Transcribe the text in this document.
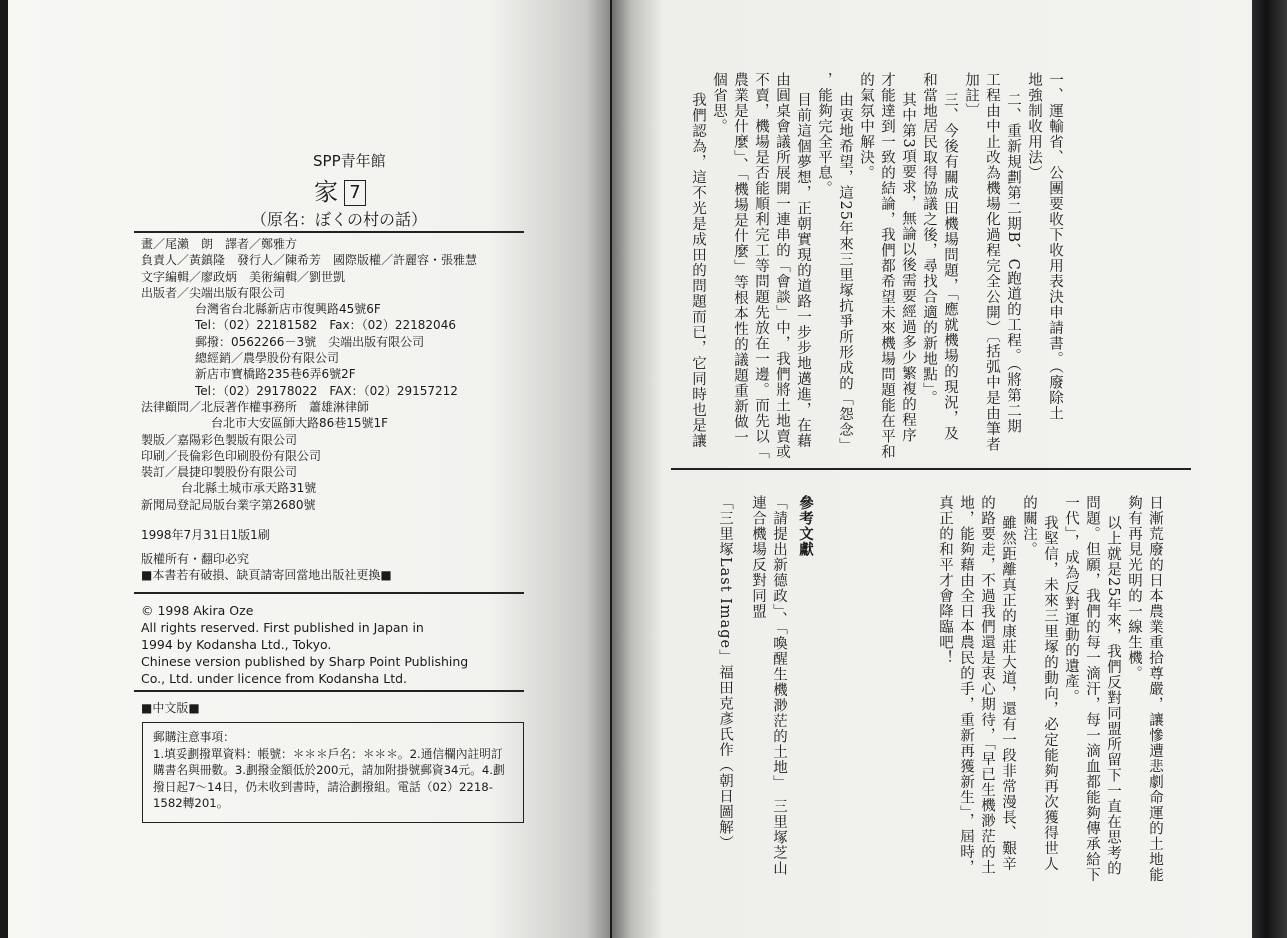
SPP青年館
家 7
（原名：ぼくの村の話）
畫／尾瀨　朗　譯者／鄭雅方
負責人／黃鎮隆　發行人／陳希芳　國際版權／許麗容・張雅慧
文字編輯／廖政炳　美術編輯／劉世凱
出版者／尖端出版有限公司
台灣省台北縣新店市復興路45號6F
Tel：（02）22181582　Fax：（02）22182046
郵撥：0562266－3號　尖端出版有限公司
總經銷／農學股份有限公司
新店市寶橋路235巷6弄6號2F
Tel：（02）29178022　FAX：（02）29157212
法律顧問／北辰著作權事務所　蕭雄淋律師
台北市大安區師大路86巷15號1F
製版／嘉陽彩色製版有限公司
印刷／長倫彩色印刷股份有限公司
裝訂／晨捷印製股份有限公司
台北縣土城市承天路31號
新聞局登記局版台業字第2680號
1998年7月31日1版1刷
版權所有・翻印必究
■本書若有破損、缺頁請寄回當地出版社更換■
© 1998 Akira Oze
All rights reserved. First published in Japan in
1994 by Kodansha Ltd., Tokyo.
Chinese version published by Sharp Point Publishing
Co., Ltd. under licence from Kodansha Ltd.
■中文版■
郵購注意事項：
1.填妥劃撥單資料：帳號：＊＊＊戶名：＊＊＊。2.通信欄內註明訂購書名與冊數。3.劃撥金額低於200元，請加附掛號郵資34元。4.劃撥日起7～14日，仍未收到書時，請洽劃撥組。電話（02）2218-1582轉201。
一、運輸省、公團要收下收用表決申請書。（廢除土
地強制收用法）
二、重新規劃第二期B、C跑道的工程。（將第二期
工程由中止改為機場化過程完全公開）〔括弧中是由筆者
加註〕
三、今後有關成田機場問題，「應就機場的現況，及
和當地居民取得協議之後，尋找合適的新地點」。
其中第3項要求，無論以後需要經過多少繁複的程序
才能達到一致的結論，我們都希望未來機場問題能在平和
的氣氛中解決。
由衷地希望，這25年來三里塚抗爭所形成的「怨念」
，能夠完全平息。
目前這個夢想，正朝實現的道路一步步地邁進，在藉
由圓桌會議所展開一連串的「會談」中，我們將土地賣或
不賣，機場是否能順利完工等問題先放在一邊。而先以「
農業是什麼」、「機場是什麼」等根本性的議題重新做一
個省思。
我們認為，這不光是成田的問題而已，它同時也是讓
日漸荒廢的日本農業重拾尊嚴，讓慘遭悲劇命運的土地能
夠有再見光明的一線生機。
以上就是25年來，我們反對同盟所留下一直在思考的
問題。但願，我們的每一滴汗，每一滴血都能夠傳承給下
一代」，成為反對運動的遺產。
我堅信，未來三里塚的動向，必定能夠再次獲得世人
的關注。
雖然距離真正的康莊大道，還有一段非常漫長、艱辛
的路要走，不過我們還是衷心期待，「早已生機渺茫的土
地，能夠藉由全日本農民的手，重新再獲新生」，屆時，
真正的和平才會降臨吧！
參考文獻
「請提出新德政」、「喚醒生機渺茫的土地」　三里塚芝山
連合機場反對同盟
「三里塚Last Image」福田克彥氏作（朝日圖解）
